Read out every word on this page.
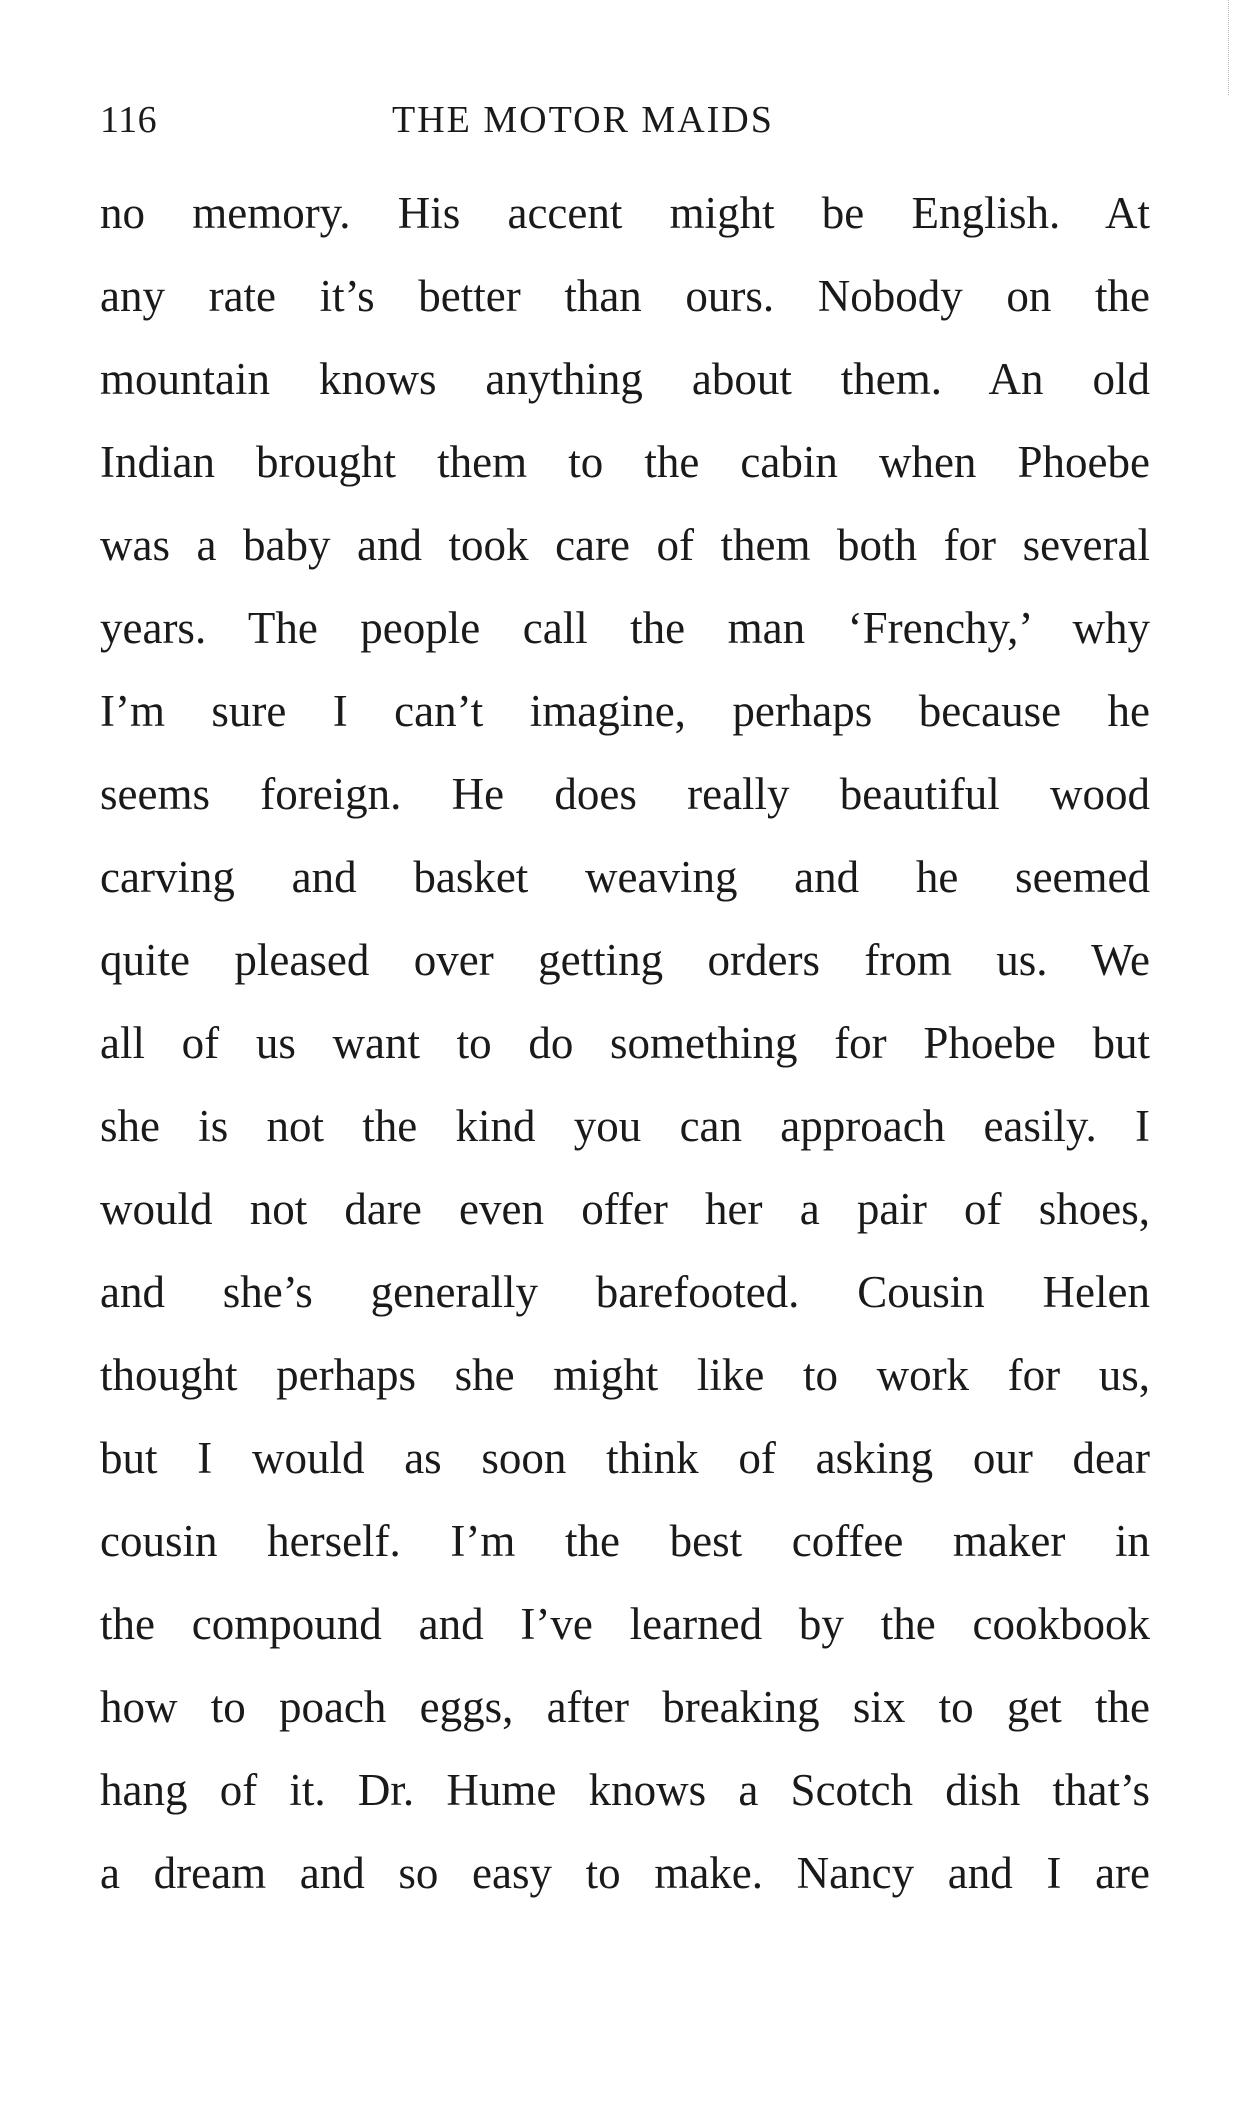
116	THE MOTOR MAIDS
no memory. His accent might be English. At
any rate it’s better than ours. Nobody on the
mountain knows anything about them. An old
Indian brought them to the cabin when Phoebe
was a baby and took care of them both for several
years. The people call the man ‘Frenchy,’ why
I’m sure I can’t imagine, perhaps because he
seems foreign. He does really beautiful wood
carving and basket weaving and he seemed
quite pleased over getting orders from us. We
all of us want to do something for Phoebe but
she is not the kind you can approach easily. I
would not dare even offer her a pair of shoes,
and she’s generally barefooted. Cousin Helen
thought perhaps she might like to work for us,
but I would as soon think of asking our dear
cousin herself. I’m the best coffee maker in
the compound and I’ve learned by the cookbook
how to poach eggs, after breaking six to get the
hang of it. Dr. Hume knows a Scotch dish that’s
a dream and so easy to make. Nancy and I are
